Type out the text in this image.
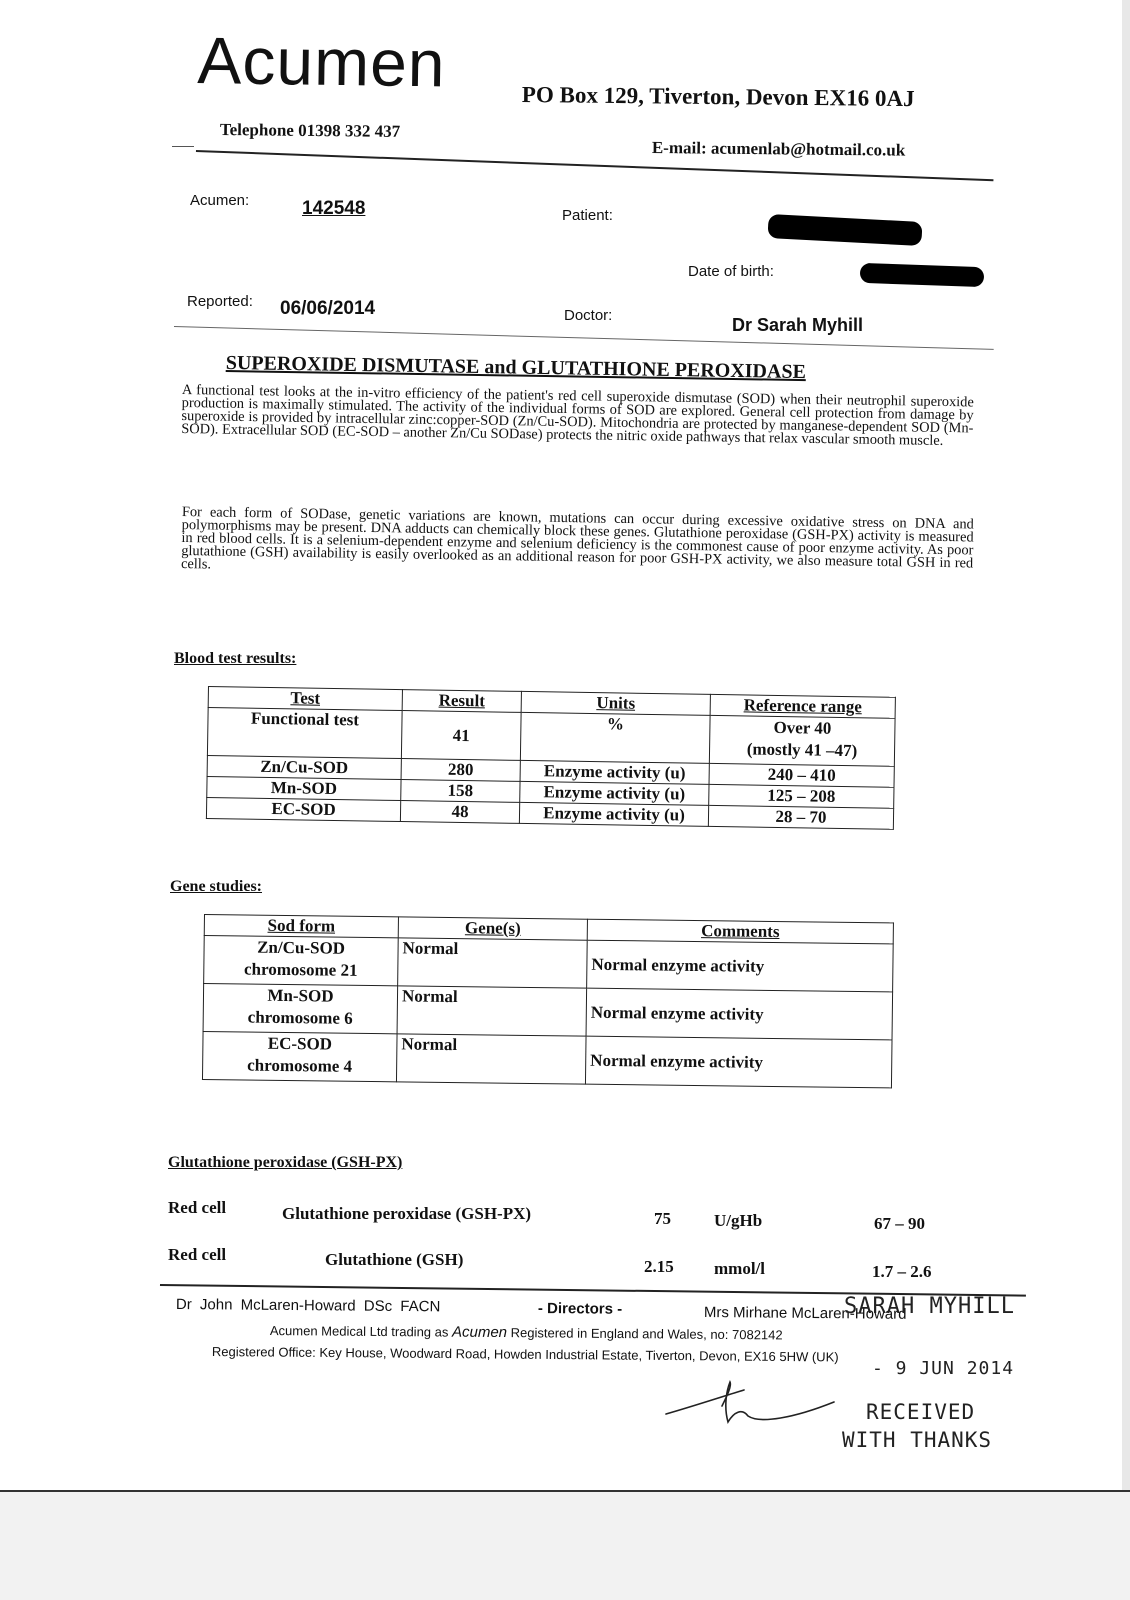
Acumen	PO Box 129, Tiverton, Devon EX16 0AJ
Telephone 01398 332 437
E-mail: acumenlab@hotmail.co.uk
Acumen:	142548	Patient:
Date of birth:
Reported: 06/06/2014	Doctor:	Dr Sarah Myhill
SUPEROXIDE DISMUTASE and GLUTATHIONE PEROXIDASE
A functional test looks at the in-vitro efficiency of the patient's red cell superoxide dismutase (SOD) when their neutrophil superoxide production is maximally stimulated. The activity of the individual forms of SOD are explored. General cell protection from damage by superoxide is provided by intracellular zinc:copper-SOD (Zn/Cu-SOD). Mitochondria are protected by manganese-dependent SOD (Mn-SOD). Extracellular SOD (EC-SOD – another Zn/Cu SODase) protects the nitric oxide pathways that relax vascular smooth muscle.
For each form of SODase, genetic variations are known, mutations can occur during excessive oxidative stress on DNA and polymorphisms may be present. DNA adducts can chemically block these genes. Glutathione peroxidase (GSH-PX) activity is measured in red blood cells. It is a selenium-dependent enzyme and selenium deficiency is the commonest cause of poor enzyme activity. As poor glutathione (GSH) availability is easily overlooked as an additional reason for poor GSH-PX activity, we also measure total GSH in red cells.
Blood test results:
Test	Result	Units	Reference range
Functional test	41	%	Over 40
(mostly 41 –47)

Zn/Cu-SOD	280	Enzyme activity (u)	240 – 410
Mn-SOD	158	Enzyme activity (u)	125 – 208
EC-SOD	48	Enzyme activity (u)	28 – 70
Gene studies:
Sod form	Gene(s)	Comments

Zn/Cu-SOD
chromosome 21	Normal	Normal enzyme activity

Mn-SOD
chromosome 6	Normal	Normal enzyme activity

EC-SOD
chromosome 4	Normal	Normal enzyme activity
Glutathione peroxidase (GSH-PX)
Red cell	Glutathione peroxidase (GSH-PX)	75	U/gHb	67 – 90
Red cell	Glutathione (GSH)	2.15 mmol/l	1.7 – 2.6
Dr John McLaren-Howard DSc FACN	- Directors -	Mrs Mirhane McLaren-Howard
Acumen Medical Ltd trading as Acumen Registered in England and Wales, no: 7082142
Registered Office: Key House, Woodward Road, Howden Industrial Estate, Tiverton, Devon, EX16 5HW (UK)
SARAH MYHILL
- 9 JUN 2014
RECEIVED
WITH THANKS
